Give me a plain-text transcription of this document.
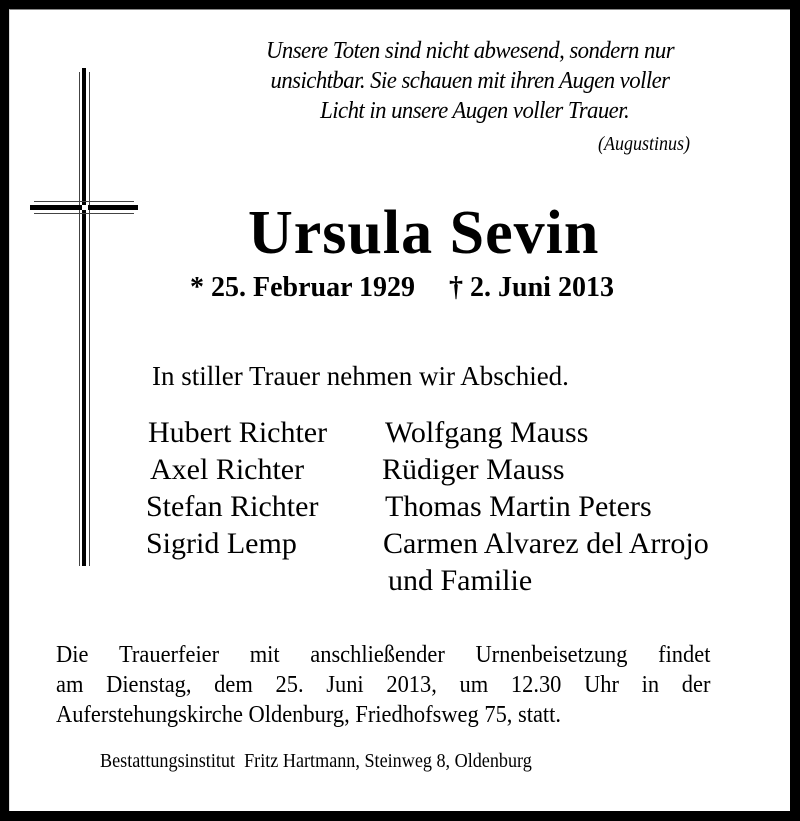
Unsere Toten sind nicht abwesend, sondern nur
unsichtbar. Sie schauen mit ihren Augen voller
Licht in unsere Augen voller Trauer.
(Augustinus)
Ursula Sevin
* 25. Februar 1929 † 2. Juni 2013
In stiller Trauer nehmen wir Abschied.
Hubert Richter
Axel Richter
Stefan Richter
Sigrid Lemp
Wolfgang Mauss
Rüdiger Mauss
Thomas Martin Peters
Carmen Alvarez del Arrojo
und Familie
Die Trauerfeier mit anschließender Urnenbeisetzung findet
am Dienstag, dem 25. Juni 2013, um 12.30 Uhr in der
Auferstehungskirche Oldenburg, Friedhofsweg 75, statt.
Bestattungsinstitut  Fritz Hartmann, Steinweg 8, Oldenburg
